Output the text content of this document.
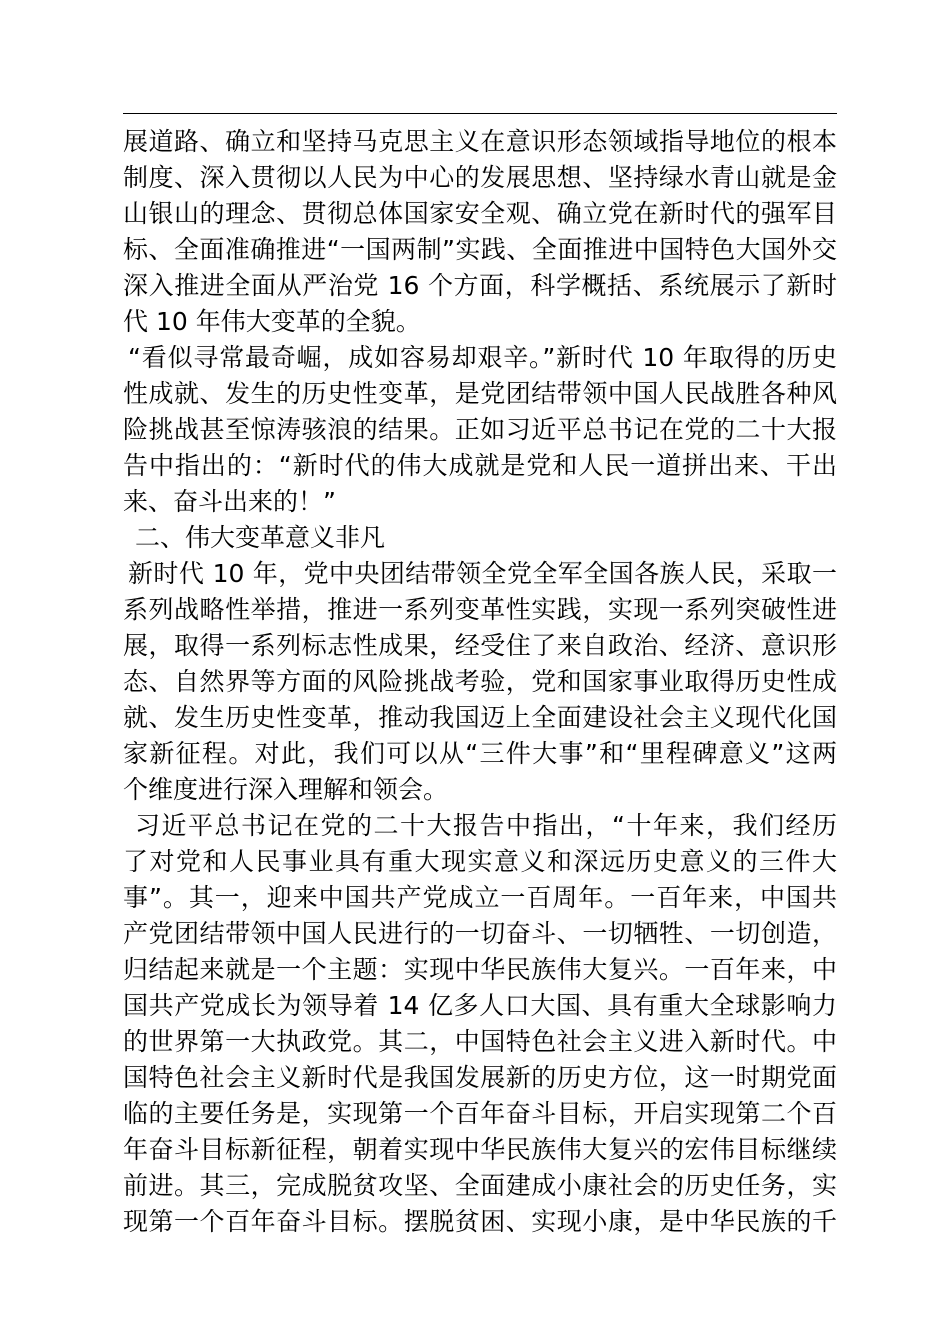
展道路、确立和坚持马克思主义在意识形态领域指导地位的根本
制度、深入贯彻以人民为中心的发展思想、坚持绿水青山就是金
山银山的理念、贯彻总体国家安全观、确立党在新时代的强军目
标、全面准确推进“一国两制”实践、全面推进中国特色大国外交
深入推进全面从严治党 16 个方面，科学概括、系统展示了新时
代 10 年伟大变革的全貌。
“看似寻常最奇崛，成如容易却艰辛。”新时代 10 年取得的历史
性成就、发生的历史性变革，是党团结带领中国人民战胜各种风
险挑战甚至惊涛骇浪的结果。正如习近平总书记在党的二十大报
告中指出的：“新时代的伟大成就是党和人民一道拼出来、干出
来、奋斗出来的！”
二、伟大变革意义非凡
新时代 10 年，党中央团结带领全党全军全国各族人民，采取一
系列战略性举措，推进一系列变革性实践，实现一系列突破性进
展，取得一系列标志性成果，经受住了来自政治、经济、意识形
态、自然界等方面的风险挑战考验，党和国家事业取得历史性成
就、发生历史性变革，推动我国迈上全面建设社会主义现代化国
家新征程。对此，我们可以从“三件大事”和“里程碑意义”这两
个维度进行深入理解和领会。
习近平总书记在党的二十大报告中指出，“十年来，我们经历
了对党和人民事业具有重大现实意义和深远历史意义的三件大
事”。其一，迎来中国共产党成立一百周年。一百年来，中国共
产党团结带领中国人民进行的一切奋斗、一切牺牲、一切创造，
归结起来就是一个主题：实现中华民族伟大复兴。一百年来，中
国共产党成长为领导着 14 亿多人口大国、具有重大全球影响力
的世界第一大执政党。其二，中国特色社会主义进入新时代。中
国特色社会主义新时代是我国发展新的历史方位，这一时期党面
临的主要任务是，实现第一个百年奋斗目标，开启实现第二个百
年奋斗目标新征程，朝着实现中华民族伟大复兴的宏伟目标继续
前进。其三，完成脱贫攻坚、全面建成小康社会的历史任务，实
现第一个百年奋斗目标。摆脱贫困、实现小康，是中华民族的千
